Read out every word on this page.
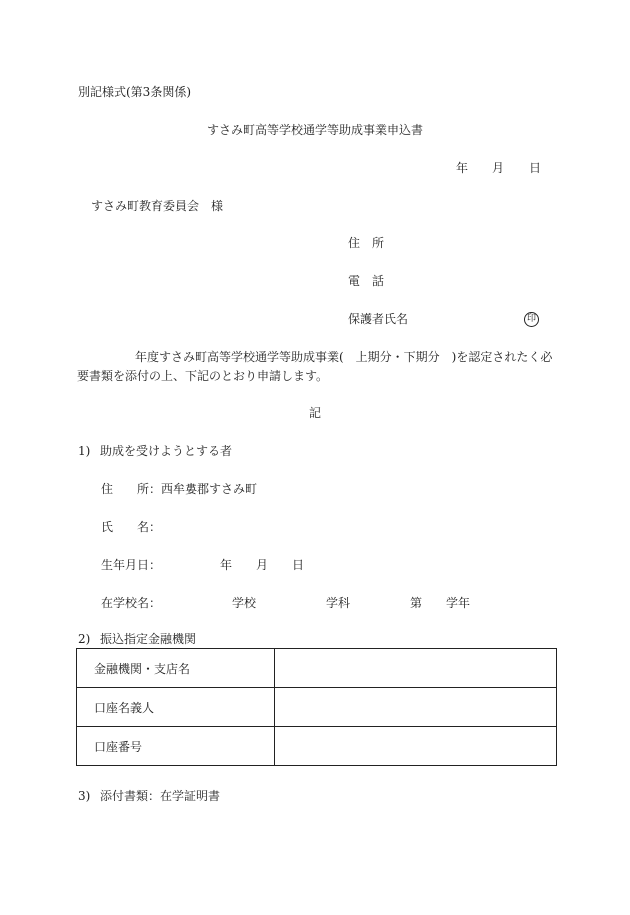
別記様式(第3条関係)
すさみ町高等学校通学等助成事業申込書
年 月 日
すさみ町教育委員会　様
住　所
電　話
保護者氏名	印
年度すさみ町高等学校通学等助成事業(　上期分・下期分　)を認定されたく必
要書類を添付の上、下記のとおり申請します。
記
1) 助成を受けようとする者
住　　所：西牟婁郡すさみ町
氏　　名：
生年月日：	年 月 日
在学校名：	学校	学科	第 学年
2) 振込指定金融機関
金融機関・支店名	
口座名義人	
口座番号	
3) 添付書類：在学証明書
